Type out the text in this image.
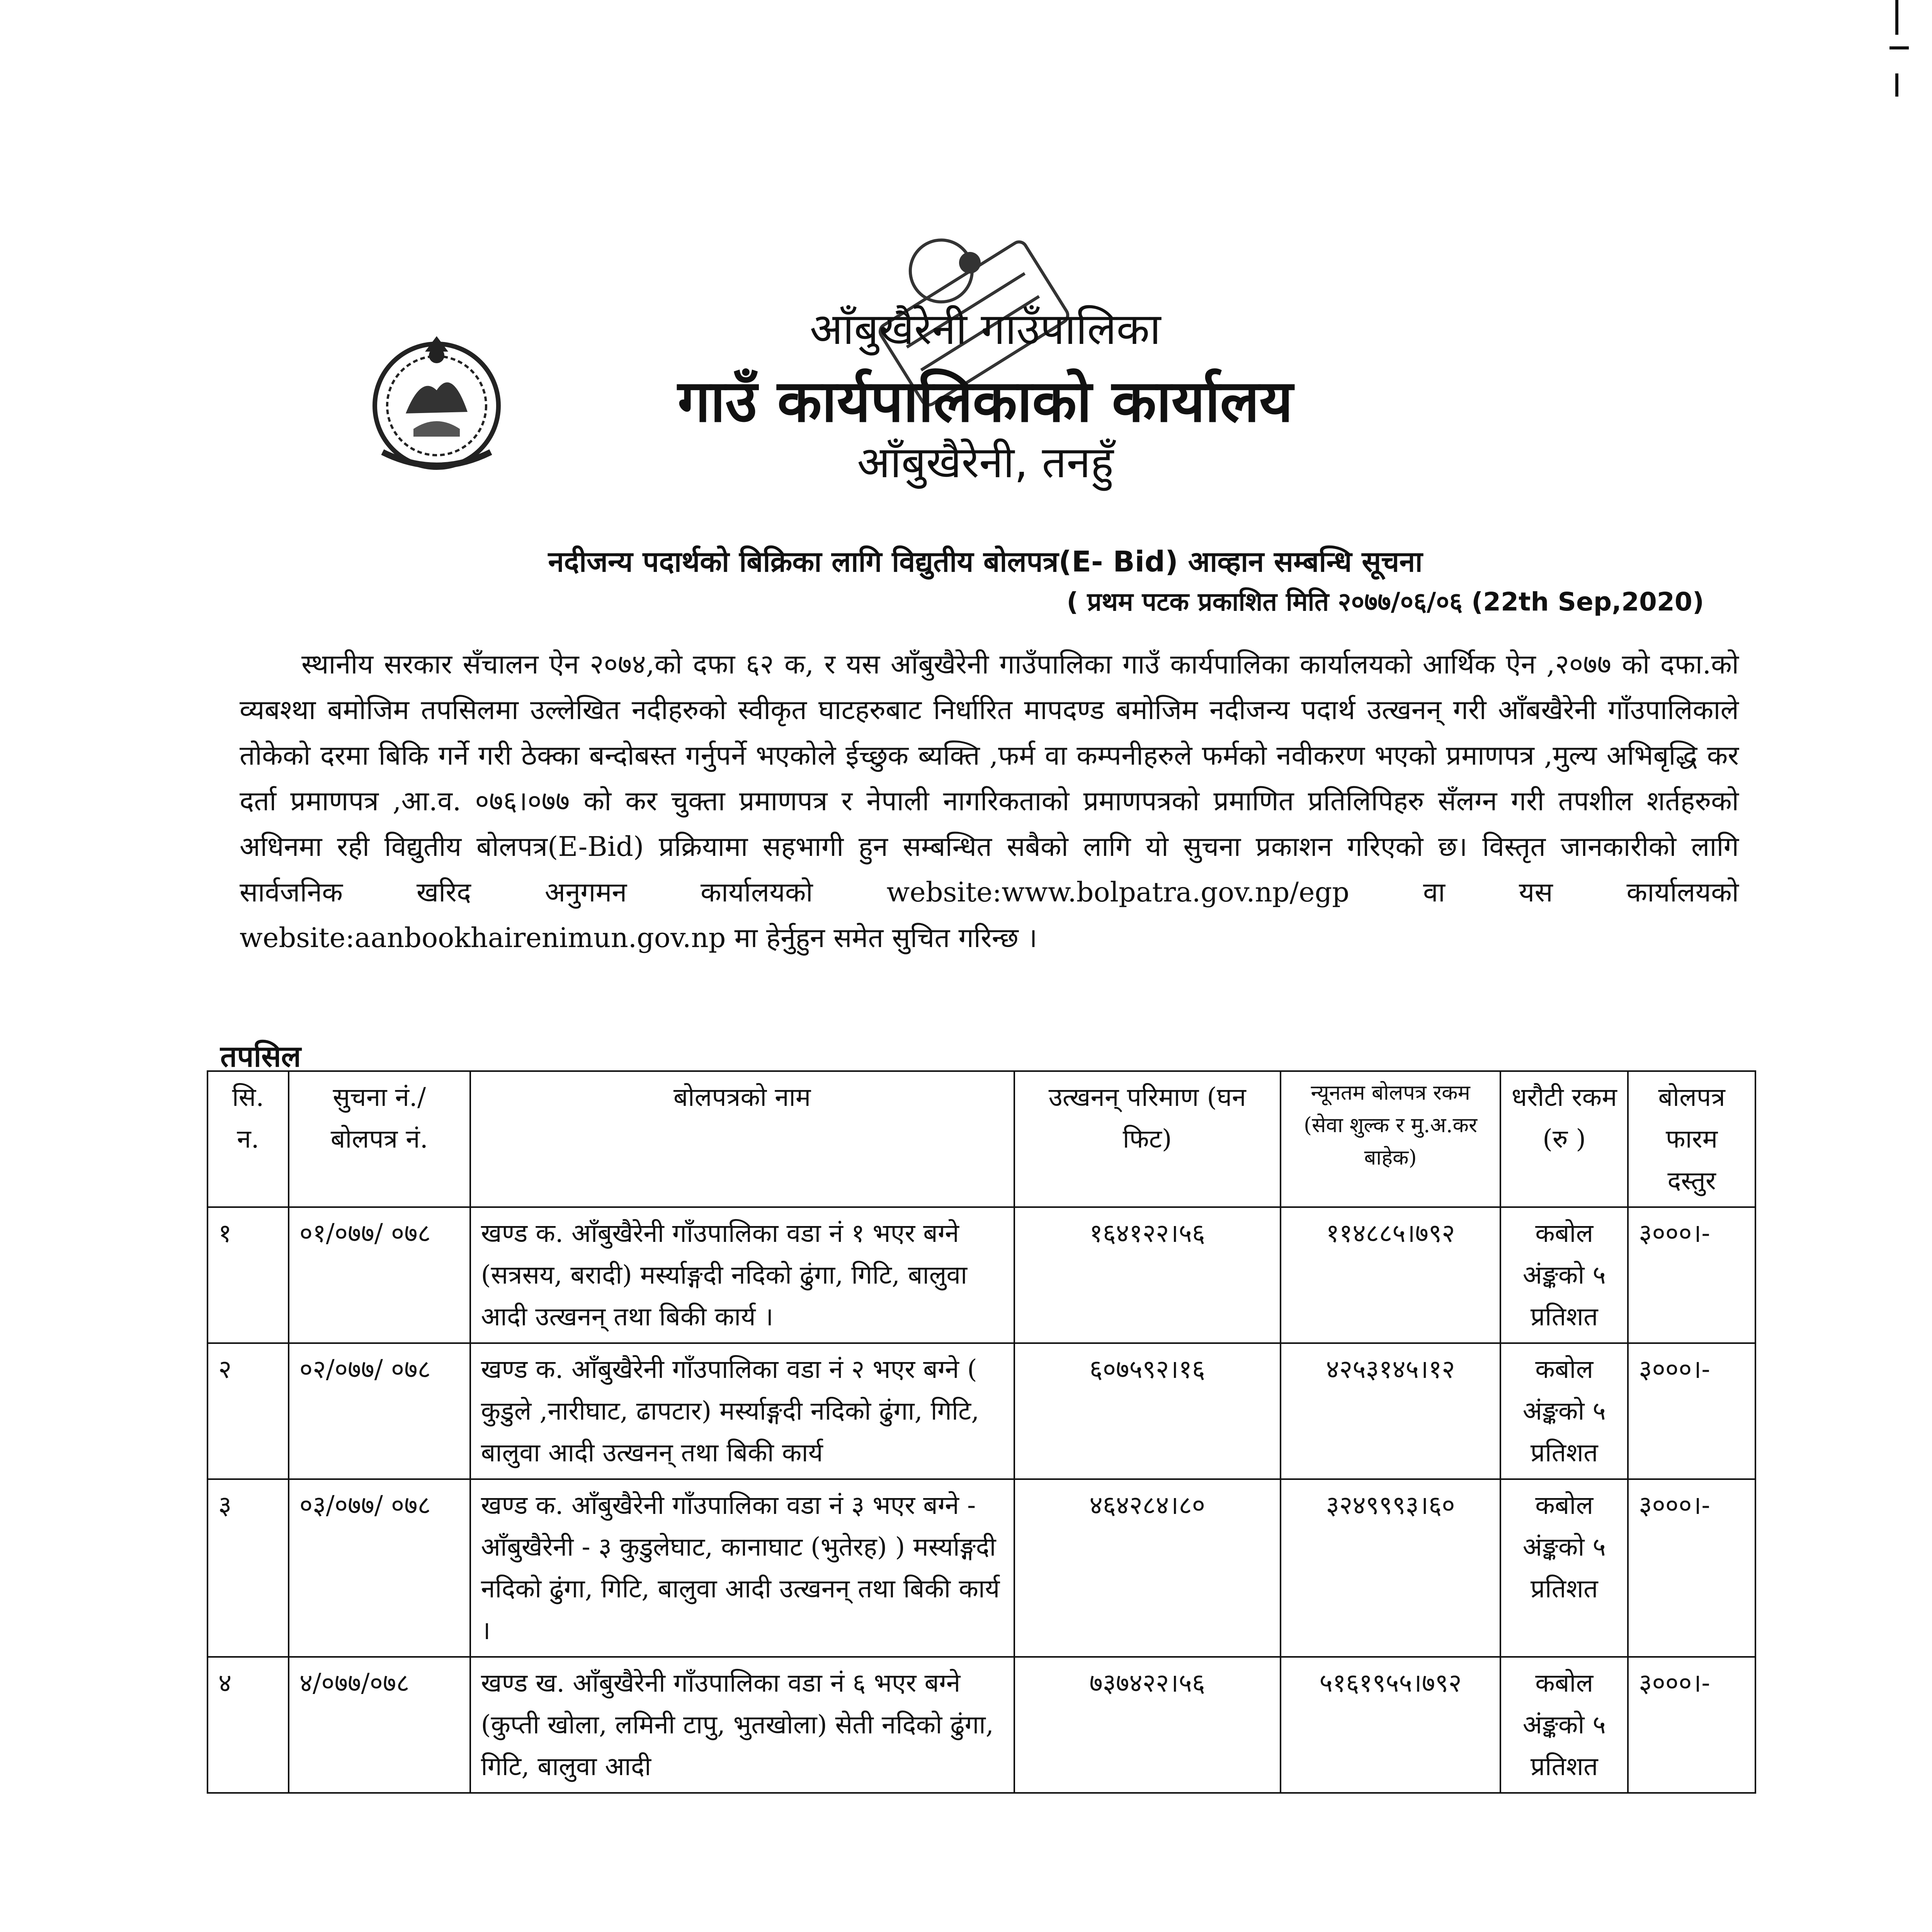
आँबुखैरेनी गाउँपालिका
गाउँ कार्यपालिकाको कार्यालय
आँबुखैरेनी, तनहुँ
नदीजन्य पदार्थको बिक्रिका लागि विद्युतीय बोलपत्र(E- Bid) आव्हान सम्बन्धि सूचना
( प्रथम पटक प्रकाशित मिति २०७७/०६/०६ (22th Sep,2020)
स्थानीय सरकार सँचालन ऐन २०७४,को दफा ६२ क, र यस आँबुखैरेनी गाउँपालिका गाउँ कार्यपालिका कार्यालयको आर्थिक ऐन ,२०७७ को दफा.को व्यबश्था बमोजिम तपसिलमा उल्लेखित नदीहरुको स्वीकृत घाटहरुबाट निर्धारित मापदण्ड बमोजिम नदीजन्य पदार्थ उत्खनन् गरी आँबखैरेनी गाँउपालिकाले तोकेको दरमा बिकि गर्ने गरी ठेक्का बन्दोबस्त गर्नुपर्ने भएकोले ईच्छुक ब्यक्ति ,फर्म वा कम्पनीहरुले फर्मको नवीकरण भएको प्रमाणपत्र ,मुल्य अभिबृद्धि कर दर्ता प्रमाणपत्र ,आ.व. ०७६।०७७ को कर चुक्ता प्रमाणपत्र र नेपाली नागरिकताको प्रमाणपत्रको प्रमाणित प्रतिलिपिहरु सँलग्न गरी तपशील शर्तहरुको अधिनमा रही विद्युतीय बोलपत्र(E-Bid) प्रक्रियामा सहभागी हुन सम्बन्धित सबैको लागि यो सुचना प्रकाशन गरिएको छ। विस्तृत जानकारीको लागि सार्वजनिक खरिद अनुगमन कार्यालयको website:www.bolpatra.gov.np/egp वा यस कार्यालयको website:aanbookhairenimun.gov.np मा हेर्नुहुन समेत सुचित गरिन्छ ।
तपसिल
सि. न.	सुचना नं./बोलपत्र नं.	बोलपत्रको नाम	उत्खनन् परिमाण (घन फिट)	न्यूनतम बोलपत्र रकम (सेवा शुल्क र मु.अ.कर बाहेक)	धरौटी रकम (रु )	बोलपत्र फारम दस्तुर
१	०१/०७७/ ०७८	खण्ड क. आँबुखैरेनी गाँउपालिका वडा नं १ भएर बग्ने (सत्रसय, बरादी) मर्स्याङ्गदी नदिको ढुंगा, गिटि, बालुवा आदी उत्खनन् तथा बिकी कार्य ।	१६४१२२।५६	११४८८५।७९२	कबोल अंङ्कको ५ प्रतिशत	३०००।-
२	०२/०७७/ ०७८	खण्ड क. आँबुखैरेनी गाँउपालिका वडा नं २ भएर बग्ने ( कुडुले ,नारीघाट, ढापटार) मर्स्याङ्गदी नदिको ढुंगा, गिटि, बालुवा आदी उत्खनन् तथा बिकी कार्य	६०७५९२।१६	४२५३१४५।१२	कबोल अंङ्कको ५ प्रतिशत	३०००।-
३	०३/०७७/ ०७८	खण्ड क. आँबुखैरेनी गाँउपालिका वडा नं ३ भएर बग्ने - आँबुखैरेनी - ३ कुडुलेघाट, कानाघाट (भुतेरह) ) मर्स्याङ्गदी नदिको ढुंगा, गिटि, बालुवा आदी उत्खनन् तथा बिकी कार्य ।	४६४२८४।८०	३२४९९९३।६०	कबोल अंङ्कको ५ प्रतिशत	३०००।-
४	४/०७७/०७८	खण्ड ख. आँबुखैरेनी गाँउपालिका वडा नं ६ भएर बग्ने (कुप्ती खोला, लमिनी टापु, भुतखोला) सेती नदिको ढुंगा, गिटि, बालुवा आदी	७३७४२२।५६	५१६१९५५।७९२	कबोल अंङ्कको ५ प्रतिशत	३०००।-
